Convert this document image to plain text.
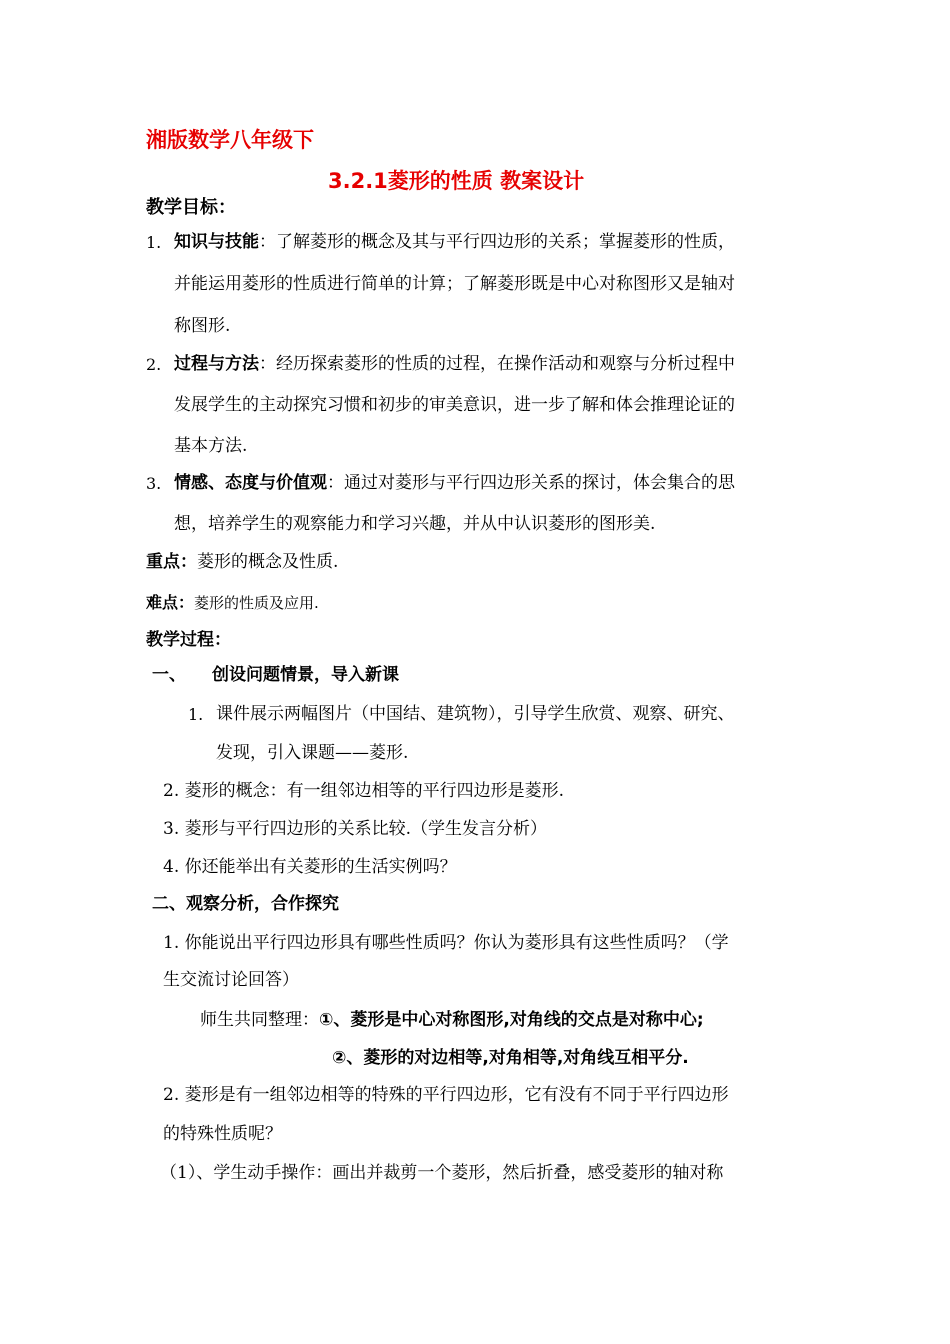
湘版数学八年级下
3.2.1菱形的性质 教案设计
教学目标：
1. 知识与技能：了解菱形的概念及其与平行四边形的关系；掌握菱形的性质，
并能运用菱形的性质进行简单的计算；了解菱形既是中心对称图形又是轴对
称图形.
2. 过程与方法：经历探索菱形的性质的过程，在操作活动和观察与分析过程中
发展学生的主动探究习惯和初步的审美意识，进一步了解和体会推理论证的
基本方法.
3. 情感、态度与价值观：通过对菱形与平行四边形关系的探讨，体会集合的思
想，培养学生的观察能力和学习兴趣，并从中认识菱形的图形美.
重点：菱形的概念及性质.
难点：菱形的性质及应用.
教学过程：
一、 创设问题情景，导入新课
1. 课件展示两幅图片（中国结、建筑物），引导学生欣赏、观察、研究、
发现，引入课题——菱形.
2. 菱形的概念：有一组邻边相等的平行四边形是菱形.
3. 菱形与平行四边形的关系比较.（学生发言分析）
4. 你还能举出有关菱形的生活实例吗？
二、观察分析，合作探究
1. 你能说出平行四边形具有哪些性质吗？你认为菱形具有这些性质吗？（学
生交流讨论回答）
师生共同整理：①、菱形是中心对称图形,对角线的交点是对称中心;
②、菱形的对边相等,对角相等,对角线互相平分.
2. 菱形是有一组邻边相等的特殊的平行四边形，它有没有不同于平行四边形
的特殊性质呢？
（1）、学生动手操作：画出并裁剪一个菱形，然后折叠，感受菱形的轴对称
